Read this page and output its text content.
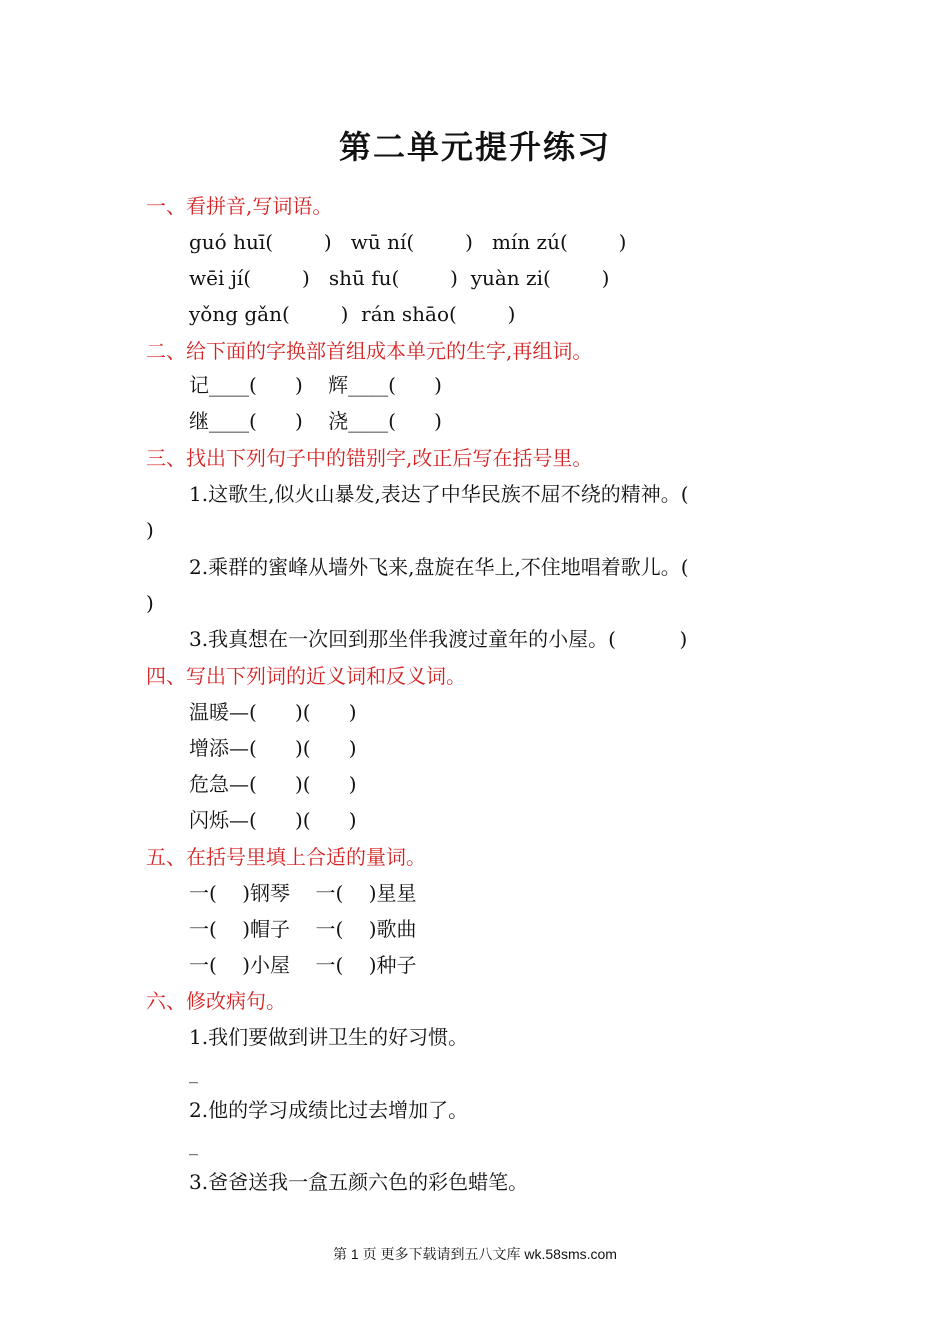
第二单元提升练习
一、看拼音,写词语。
guó huī(        )   wū ní(        )   mín zú(        )
wēi jí(        )   shū fu(        )  yuàn zi(        )
yǒng gǎn(        )  rán shāo(        )
二、给下面的字换部首组成本单元的生字,再组词。
记____(      )    辉____(      )
继____(      )    浇____(      )
三、找出下列句子中的错别字,改正后写在括号里。
1.这歌生,似火山暴发,表达了中华民族不屈不绕的精神。(
)
2.乘群的蜜峰从墙外飞来,盘旋在华上,不住地唱着歌儿。(
)
3.我真想在一次回到那坐伴我渡过童年的小屋。(          )
四、写出下列词的近义词和反义词。
温暖—(      )(      )
增添—(      )(      )
危急—(      )(      )
闪烁—(      )(      )
五、在括号里填上合适的量词。
一(    )钢琴    一(    )星星
一(    )帽子    一(    )歌曲
一(    )小屋    一(    )种子
六、修改病句。
1.我们要做到讲卫生的好习惯。
_
2.他的学习成绩比过去增加了。
_
3.爸爸送我一盒五颜六色的彩色蜡笔。
第 1 页 更多下载请到五八文库 wk.58sms.com
